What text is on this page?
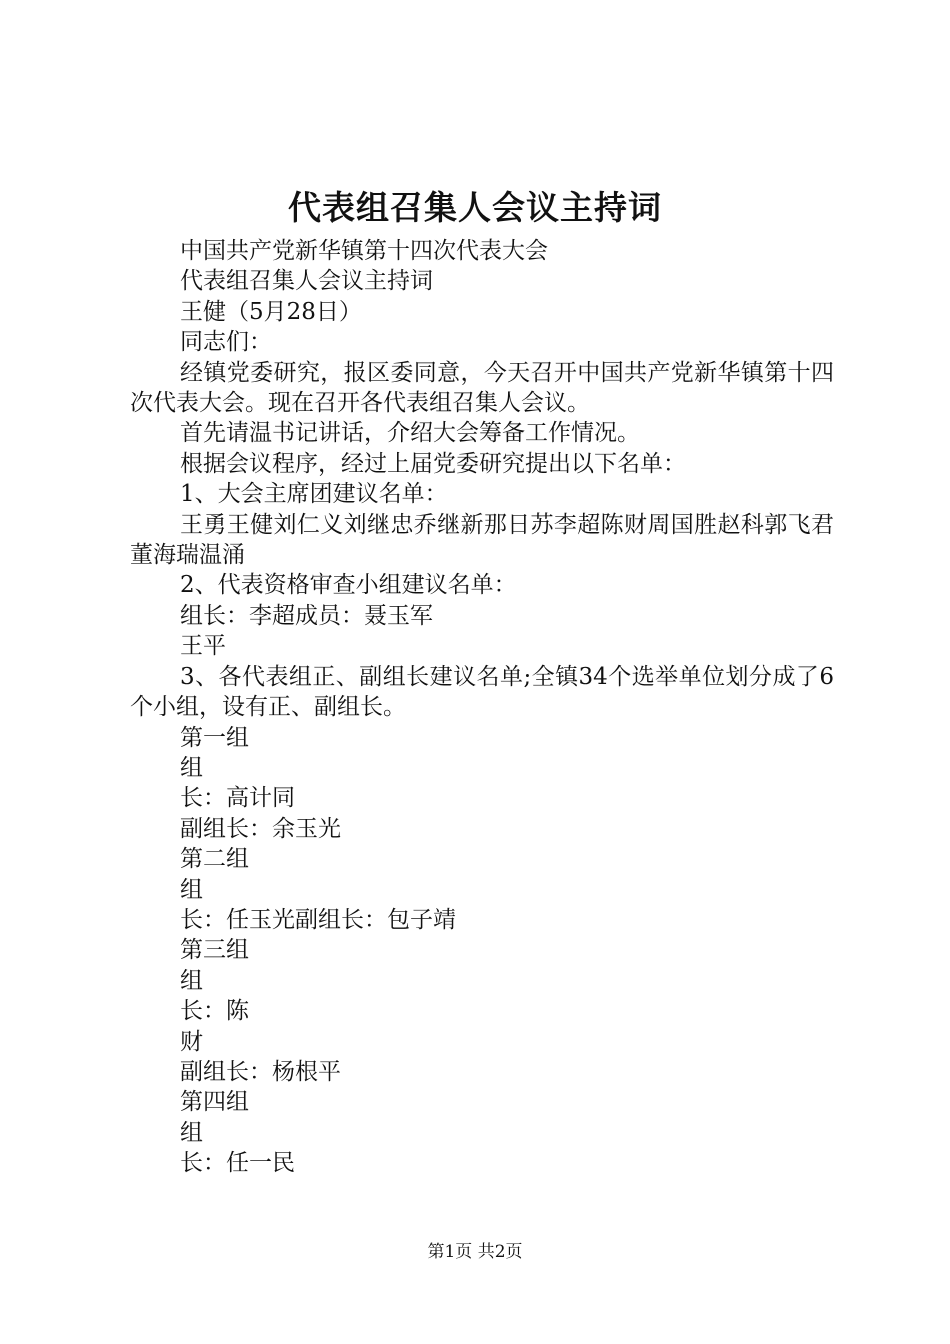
代表组召集人会议主持词

中国共产党新华镇第十四次代表大会

代表组召集人会议主持词

王健（5月28日）

同志们：

经镇党委研究，报区委同意，今天召开中国共产党新华镇第十四次代表大会。现在召开各代表组召集人会议。

首先请温书记讲话，介绍大会筹备工作情况。

根据会议程序，经过上届党委研究提出以下名单：

1、大会主席团建议名单：

王勇王健刘仁义刘继忠乔继新那日苏李超陈财周国胜赵科郭飞君董海瑞温涌

2、代表资格审查小组建议名单：

组长：李超成员：聂玉军

王平

3、各代表组正、副组长建议名单;全镇34个选举单位划分成了6个小组，设有正、副组长。

第一组

组

长：高计同

副组长：余玉光

第二组

组

长：任玉光副组长：包子靖

第三组

组

长：陈

财

副组长：杨根平

第四组

组

长：任一民

第1页 共2页
